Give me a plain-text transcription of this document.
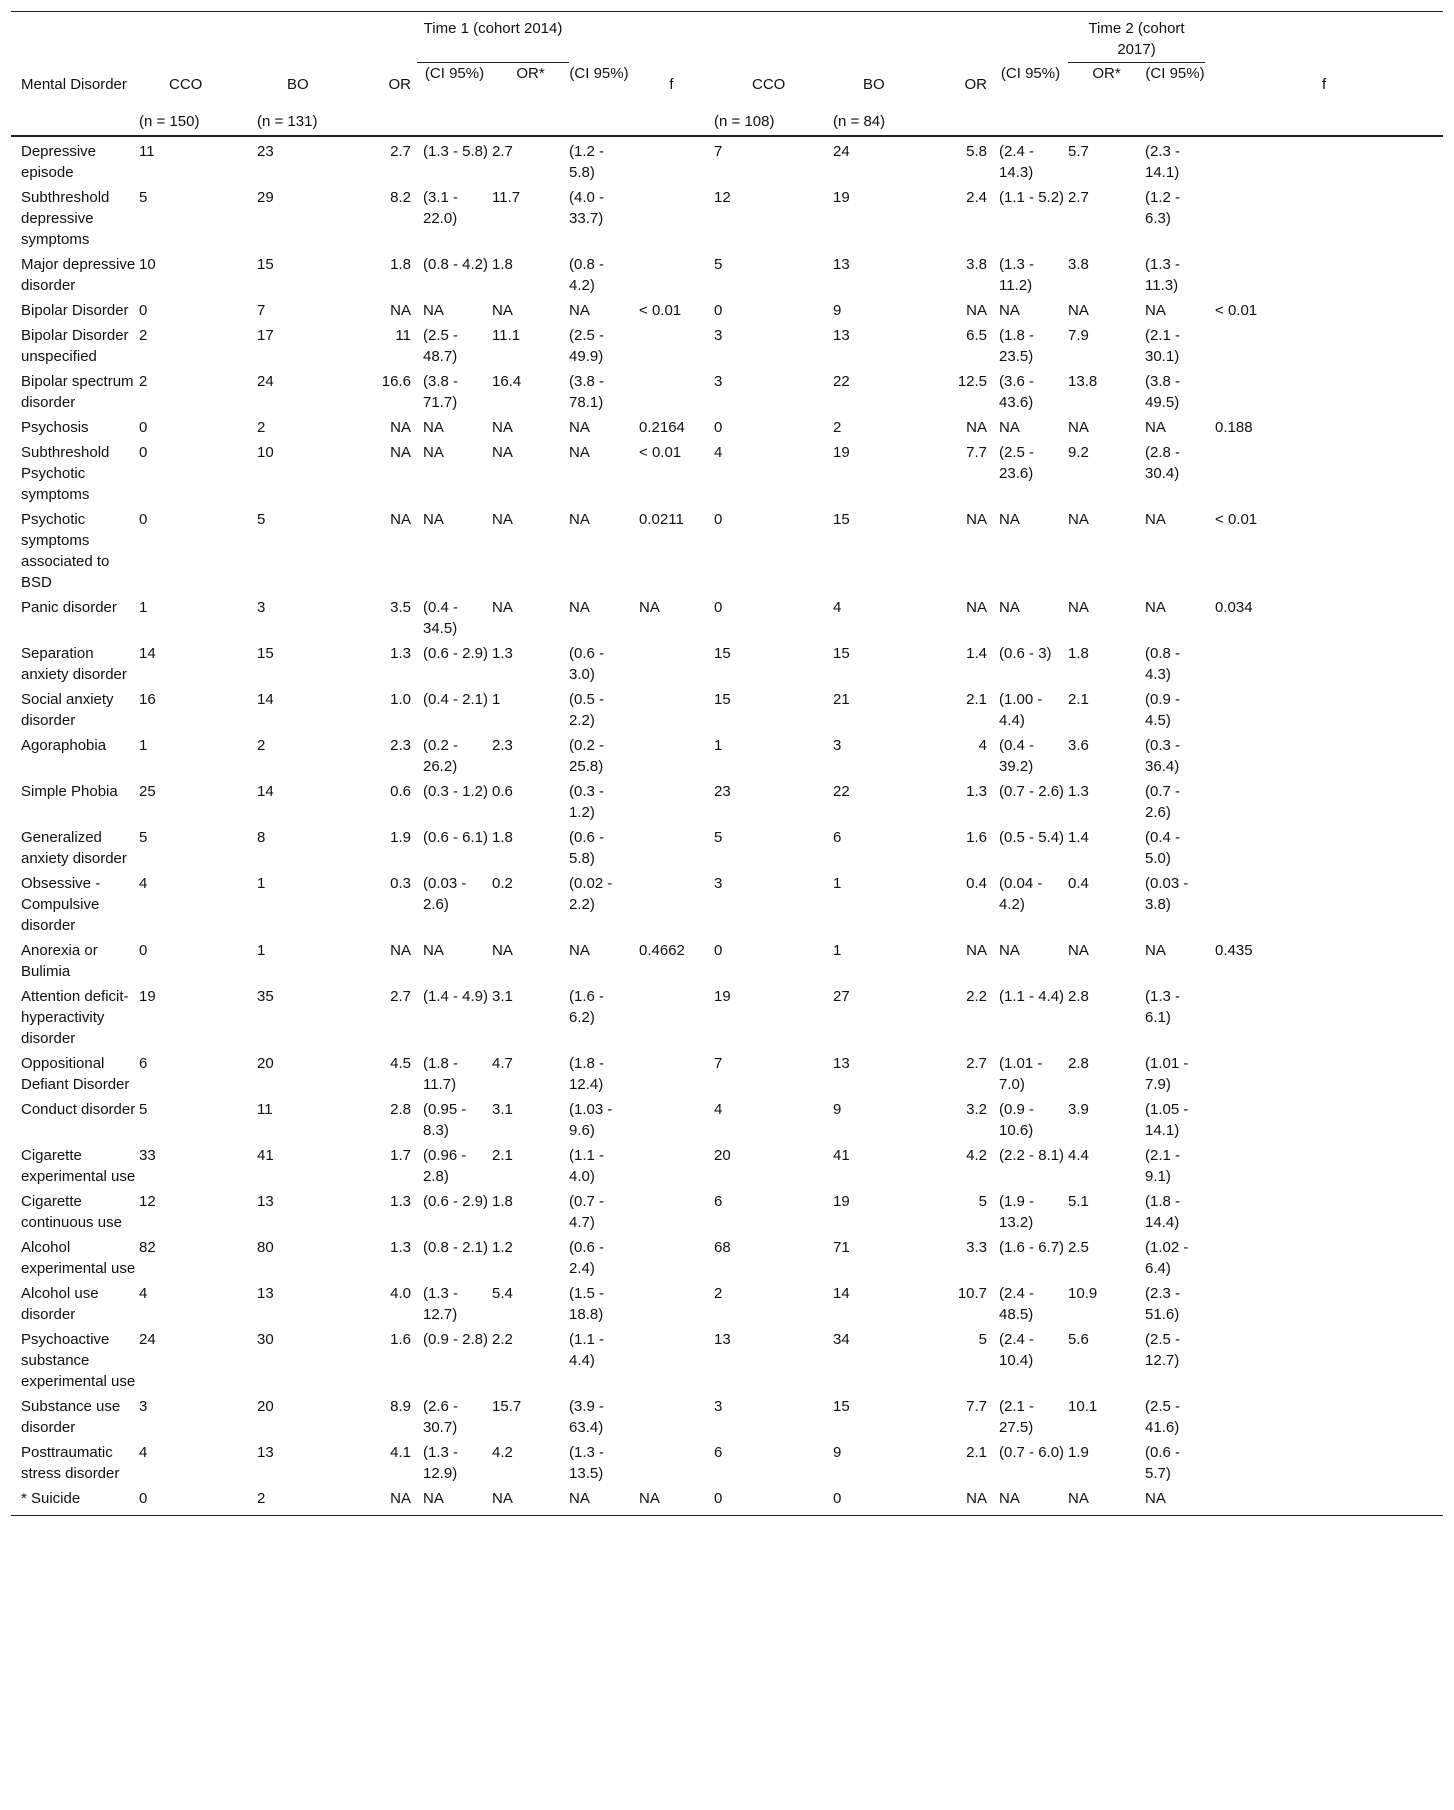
				Time 1 (cohort 2014)								Time 2 (cohort 2017)		
Mental Disorder	CCO	BO	OR	(CI 95%)	OR*	(CI 95%)	f	CCO	BO	OR	(CI 95%)	OR*	(CI 95%)	f
	(n = 150)	(n = 131)						(n = 108)	(n = 84)					
Depressive episode	11	23	2.7	(1.3 - 5.8)	2.7	(1.2 - 5.8)		7	24	5.8	(2.4 - 14.3)	5.7	(2.3 - 14.1)	
Subthreshold depressive symptoms	5	29	8.2	(3.1 - 22.0)	11.7	(4.0 - 33.7)		12	19	2.4	(1.1 - 5.2)	2.7	(1.2 - 6.3)	
Major depressive disorder	10	15	1.8	(0.8 - 4.2)	1.8	(0.8 - 4.2)		5	13	3.8	(1.3 - 11.2)	3.8	(1.3 - 11.3)	
Bipolar Disorder	0	7	NA	NA	NA	NA	< 0.01	0	9	NA	NA	NA	NA	< 0.01
Bipolar Disorder unspecified	2	17	11	(2.5 - 48.7)	11.1	(2.5 - 49.9)		3	13	6.5	(1.8 - 23.5)	7.9	(2.1 - 30.1)	
Bipolar spectrum disorder	2	24	16.6	(3.8 - 71.7)	16.4	(3.8 - 78.1)		3	22	12.5	(3.6 - 43.6)	13.8	(3.8 - 49.5)	
Psychosis	0	2	NA	NA	NA	NA	0.2164	0	2	NA	NA	NA	NA	0.188
Subthreshold Psychotic symptoms	0	10	NA	NA	NA	NA	< 0.01	4	19	7.7	(2.5 - 23.6)	9.2	(2.8 - 30.4)	
Psychotic symptoms associated to BSD	0	5	NA	NA	NA	NA	0.0211	0	15	NA	NA	NA	NA	< 0.01
Panic disorder	1	3	3.5	(0.4 - 34.5)	NA	NA	NA	0	4	NA	NA	NA	NA	0.034
Separation anxiety disorder	14	15	1.3	(0.6 - 2.9)	1.3	(0.6 - 3.0)		15	15	1.4	(0.6 - 3)	1.8	(0.8 - 4.3)	
Social anxiety disorder	16	14	1.0	(0.4 - 2.1)	1	(0.5 - 2.2)		15	21	2.1	(1.00 - 4.4)	2.1	(0.9 - 4.5)	
Agoraphobia	1	2	2.3	(0.2 - 26.2)	2.3	(0.2 - 25.8)		1	3	4	(0.4 - 39.2)	3.6	(0.3 - 36.4)	
Simple Phobia	25	14	0.6	(0.3 - 1.2)	0.6	(0.3 - 1.2)		23	22	1.3	(0.7 - 2.6)	1.3	(0.7 - 2.6)	
Generalized anxiety disorder	5	8	1.9	(0.6 - 6.1)	1.8	(0.6 - 5.8)		5	6	1.6	(0.5 - 5.4)	1.4	(0.4 - 5.0)	
Obsessive - Compulsive disorder	4	1	0.3	(0.03 - 2.6)	0.2	(0.02 - 2.2)		3	1	0.4	(0.04 - 4.2)	0.4	(0.03 - 3.8)	
Anorexia or Bulimia	0	1	NA	NA	NA	NA	0.4662	0	1	NA	NA	NA	NA	0.435
Attention deficit-hyperactivity disorder	19	35	2.7	(1.4 - 4.9)	3.1	(1.6 - 6.2)		19	27	2.2	(1.1 - 4.4)	2.8	(1.3 - 6.1)	
Oppositional Defiant Disorder	6	20	4.5	(1.8 - 11.7)	4.7	(1.8 - 12.4)		7	13	2.7	(1.01 - 7.0)	2.8	(1.01 - 7.9)	
Conduct disorder	5	11	2.8	(0.95 - 8.3)	3.1	(1.03 - 9.6)		4	9	3.2	(0.9 - 10.6)	3.9	(1.05 - 14.1)	
Cigarette experimental use	33	41	1.7	(0.96 - 2.8)	2.1	(1.1 - 4.0)		20	41	4.2	(2.2 - 8.1)	4.4	(2.1 - 9.1)	
Cigarette continuous use	12	13	1.3	(0.6 - 2.9)	1.8	(0.7 - 4.7)		6	19	5	(1.9 - 13.2)	5.1	(1.8 - 14.4)	
Alcohol experimental use	82	80	1.3	(0.8 - 2.1)	1.2	(0.6 - 2.4)		68	71	3.3	(1.6 - 6.7)	2.5	(1.02 - 6.4)	
Alcohol use disorder	4	13	4.0	(1.3 - 12.7)	5.4	(1.5 - 18.8)		2	14	10.7	(2.4 - 48.5)	10.9	(2.3 - 51.6)	
Psychoactive substance experimental use	24	30	1.6	(0.9 - 2.8)	2.2	(1.1 - 4.4)		13	34	5	(2.4 - 10.4)	5.6	(2.5 - 12.7)	
Substance use disorder	3	20	8.9	(2.6 - 30.7)	15.7	(3.9 - 63.4)		3	15	7.7	(2.1 - 27.5)	10.1	(2.5 - 41.6)	
Posttraumatic stress disorder	4	13	4.1	(1.3 - 12.9)	4.2	(1.3 - 13.5)		6	9	2.1	(0.7 - 6.0)	1.9	(0.6 - 5.7)	
* Suicide	0	2	NA	NA	NA	NA	NA	0	0	NA	NA	NA	NA	
